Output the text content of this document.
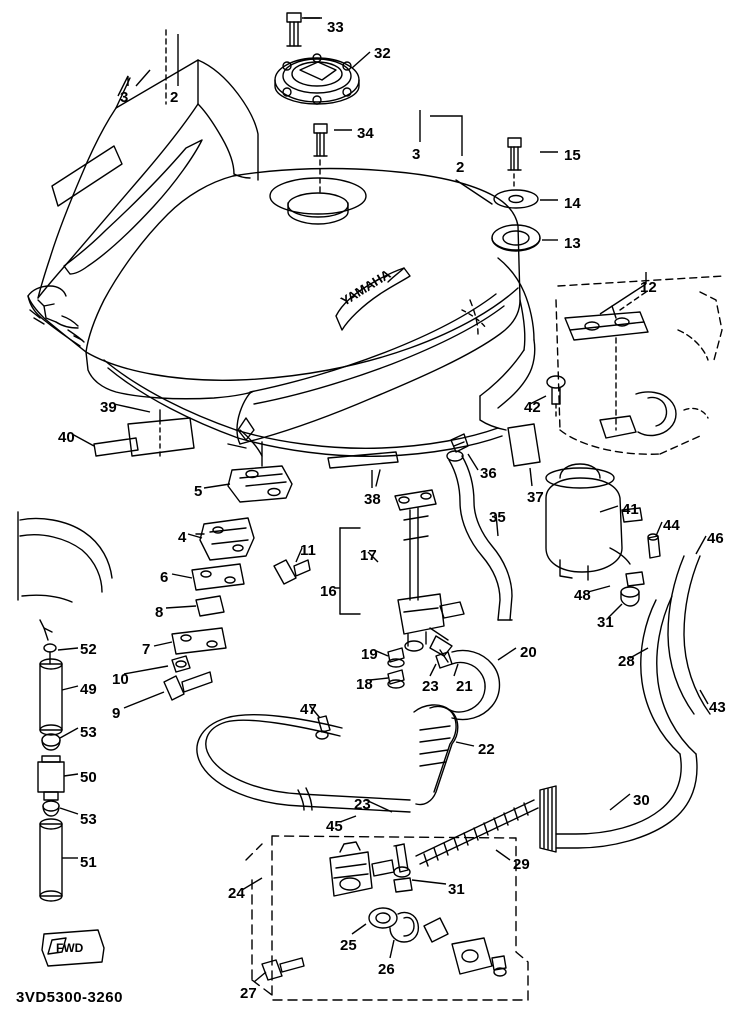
YAMAHA
FWD
3VD5300-3260
33
32
3	2
34
15
3
2
14
13
12
42
39
40
36
37
41
5	38
35	44
46
4
11	17
6
16	48
31
8
28
43
7
52	19	20
10
49	18	23 21
9
53
47
22
50
30
53
23
45
51	29
31
24
25
26
27
